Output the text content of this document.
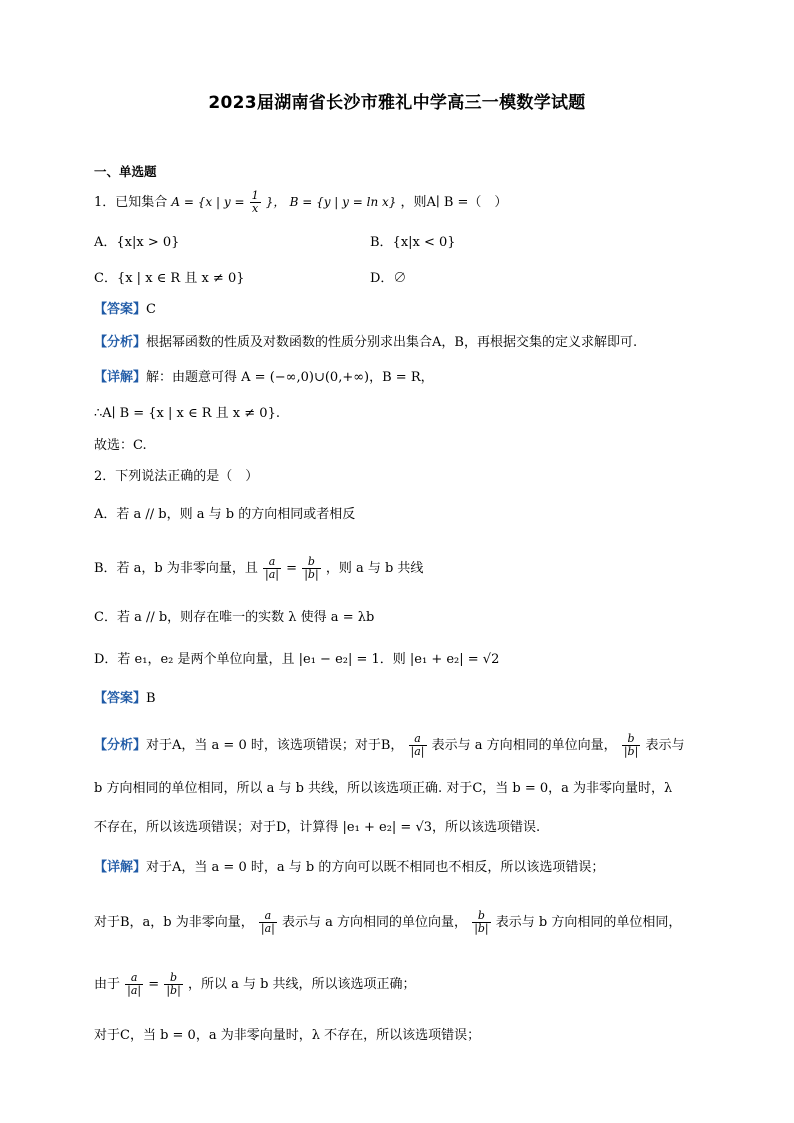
2023届湖南省长沙市雅礼中学高三一模数学试题
一、单选题
1．已知集合 A = {x | $y = \frac{1}{x}$ }， B = {y | y = ln x} ，则A∣ B =（　）
A．{x|x > 0}	B．{x|x < 0}
C．{x | x ∈ R 且 x ≠ 0}	D．∅
【答案】C
【分析】根据幂函数的性质及对数函数的性质分别求出集合A，B，再根据交集的定义求解即可.
【详解】解：由题意可得 A = (−∞,0)∪(0,+∞)，B = R，
∴A∣ B = {x | x ∈ R 且 x ≠ 0}.
故选：C.
2．下列说法正确的是（　）
A．若 a // b，则 a 与 b 的方向相同或者相反
B．若 a，b 为非零向量，且 $\frac{a}{|a|} = \frac{b}{|b|}$ ，则 a 与 b 共线
C．若 a // b，则存在唯一的实数 λ 使得 a = λb
D．若 e₁，e₂ 是两个单位向量，且 |e₁ − e₂| = 1．则 |e₁ + e₂| = √2
【答案】B
【分析】对于A，当 a = 0 时，该选项错误；对于B， $\frac{a}{|a|}$ 表示与 a 方向相同的单位向量， $\frac{b}{|b|}$ 表示与
b 方向相同的单位相同，所以 a 与 b 共线，所以该选项正确. 对于C，当 b = 0，a 为非零向量时，λ
不存在，所以该选项错误；对于D，计算得 |e₁ + e₂| = √3，所以该选项错误.
【详解】对于A，当 a = 0 时，a 与 b 的方向可以既不相同也不相反，所以该选项错误；
对于B，a，b 为非零向量， $\frac{a}{|a|}$ 表示与 a 方向相同的单位向量， $\frac{b}{|b|}$ 表示与 b 方向相同的单位相同，
由于 $\frac{a}{|a|} = \frac{b}{|b|}$ ，所以 a 与 b 共线，所以该选项正确；
对于C，当 b = 0，a 为非零向量时，λ 不存在，所以该选项错误；
